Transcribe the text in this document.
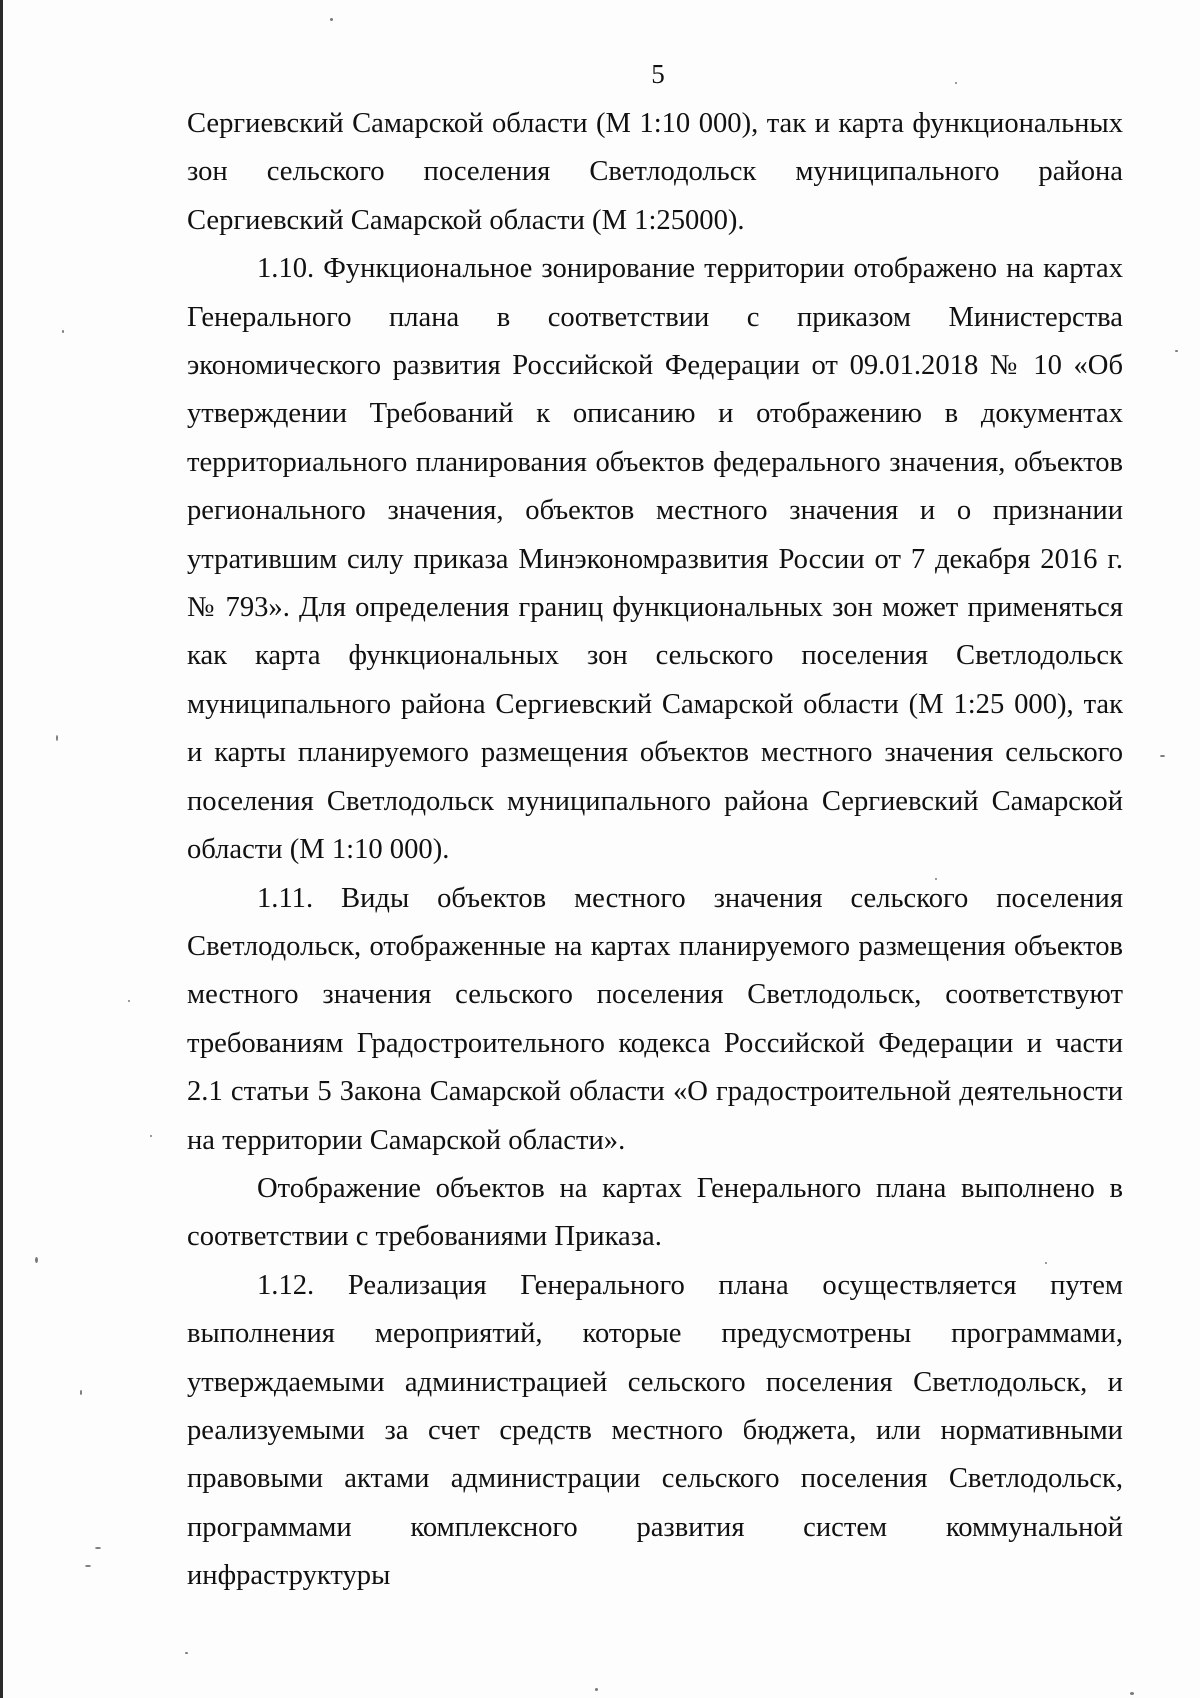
5

Сергиевский Самарской области (М 1:10 000), так и карта функциональных зон сельского поселения Светлодольск муниципального района Сергиевский Самарской области (М 1:25000).

1.10. Функциональное зонирование территории отображено на картах Генерального плана в соответствии с приказом Министерства экономического развития Российской Федерации от 09.01.2018 № 10 «Об утверждении Требований к описанию и отображению в документах территориального планирования объектов федерального значения, объектов регионального значения, объектов местного значения и о признании утратившим силу приказа Минэкономразвития России от 7 декабря 2016 г. № 793». Для определения границ функциональных зон может применяться как карта функциональных зон сельского поселения Светлодольск муниципального района Сергиевский Самарской области (М 1:25 000), так и карты планируемого размещения объектов местного значения сельского поселения Светлодольск муниципального района Сергиевский Самарской области (М 1:10 000).

1.11. Виды объектов местного значения сельского поселения Светлодольск, отображенные на картах планируемого размещения объектов местного значения сельского поселения Светлодольск, соответствуют требованиям Градостроительного кодекса Российской Федерации и части 2.1 статьи 5 Закона Самарской области «О градостроительной деятельности на территории Самарской области».

Отображение объектов на картах Генерального плана выполнено в соответствии с требованиями Приказа.

1.12. Реализация Генерального плана осуществляется путем выполнения мероприятий, которые предусмотрены программами, утверждаемыми администрацией сельского поселения Светлодольск, и реализуемыми за счет средств местного бюджета, или нормативными правовыми актами администрации сельского поселения Светлодольск, программами комплексного развития систем коммунальной инфраструктуры
